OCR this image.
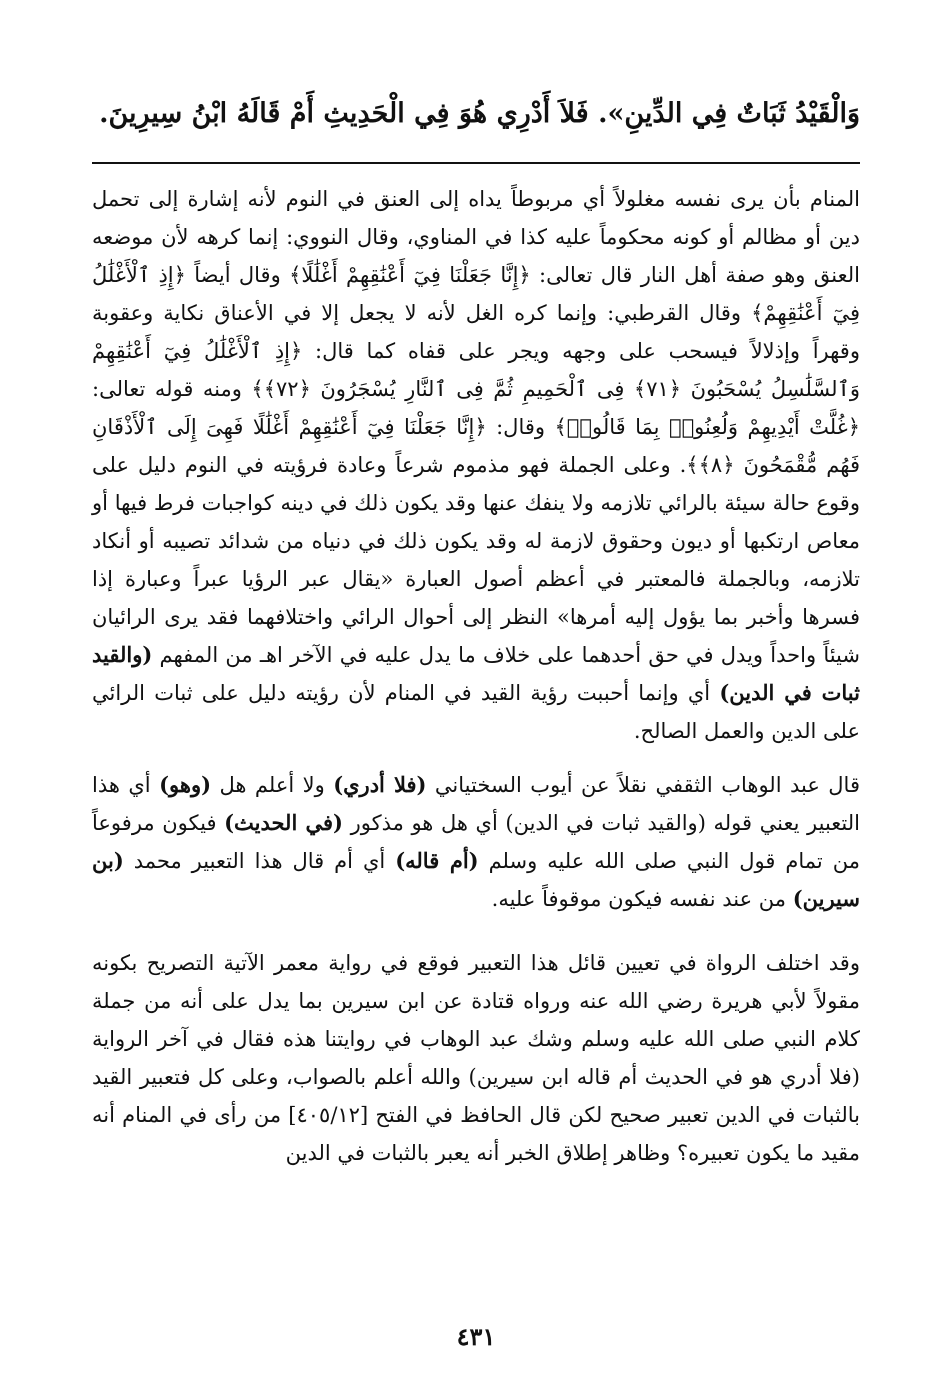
وَالْقَيْدُ ثَبَاتٌ فِي الدِّينِ». فَلاَ أَدْرِي هُوَ فِي الْحَدِيثِ أَمْ قَالَهُ ابْنُ سِيرِينَ.

المنام بأن يرى نفسه مغلولاً أي مربوطاً يداه إلى العنق في النوم لأنه إشارة إلى تحمل دين أو مظالم أو كونه محكوماً عليه كذا في المناوي، وقال النووي: إنما كرهه لأن موضعه العنق وهو صفة أهل النار قال تعالى: ﴿إِنَّا جَعَلْنَا فِيٓ أَعْنَٰقِهِمْ أَغْلَٰلًا﴾ وقال أيضاً ﴿إِذِ ٱلْأَغْلَٰلُ فِيٓ أَعْنَٰقِهِمْ﴾ وقال القرطبي: وإنما كره الغل لأنه لا يجعل إلا في الأعناق نكاية وعقوبة وقهراً وإذلالاً فيسحب على وجهه ويجر على قفاه كما قال: ﴿إِذِ ٱلْأَغْلَٰلُ فِيٓ أَعْنَٰقِهِمْ وَٱلسَّلَٰسِلُ يُسْحَبُونَ ﴿٧١﴾ فِى ٱلْحَمِيمِ ثُمَّ فِى ٱلنَّارِ يُسْجَرُونَ ﴿٧٢﴾﴾ ومنه قوله تعالى: ﴿غُلَّتْ أَيْدِيهِمْ وَلُعِنُوا۟ بِمَا قَالُوا۟﴾ وقال: ﴿إِنَّا جَعَلْنَا فِيٓ أَعْنَٰقِهِمْ أَغْلَٰلًا فَهِىَ إِلَى ٱلْأَذْقَانِ فَهُم مُّقْمَحُونَ ﴿٨﴾﴾. وعلى الجملة فهو مذموم شرعاً وعادة فرؤيته في النوم دليل على وقوع حالة سيئة بالرائي تلازمه ولا ينفك عنها وقد يكون ذلك في دينه كواجبات فرط فيها أو معاص ارتكبها أو ديون وحقوق لازمة له وقد يكون ذلك في دنياه من شدائد تصيبه أو أنكاد تلازمه، وبالجملة فالمعتبر في أعظم أصول العبارة «يقال عبر الرؤيا عبراً وعبارة إذا فسرها وأخبر بما يؤول إليه أمرها» النظر إلى أحوال الرائي واختلافهما فقد يرى الرائيان شيئاً واحداً ويدل في حق أحدهما على خلاف ما يدل عليه في الآخر اهـ من المفهم (والقيد ثبات في الدين) أي وإنما أحببت رؤية القيد في المنام لأن رؤيته دليل على ثبات الرائي على الدين والعمل الصالح.

قال عبد الوهاب الثقفي نقلاً عن أيوب السختياني (فلا أدري) ولا أعلم هل (وهو) أي هذا التعبير يعني قوله (والقيد ثبات في الدين) أي هل هو مذكور (في الحديث) فيكون مرفوعاً من تمام قول النبي صلى الله عليه وسلم (أم قاله) أي أم قال هذا التعبير محمد (بن سيرين) من عند نفسه فيكون موقوفاً عليه.

وقد اختلف الرواة في تعيين قائل هذا التعبير فوقع في رواية معمر الآتية التصريح بكونه مقولاً لأبي هريرة رضي الله عنه ورواه قتادة عن ابن سيرين بما يدل على أنه من جملة كلام النبي صلى الله عليه وسلم وشك عبد الوهاب في روايتنا هذه فقال في آخر الرواية (فلا أدري هو في الحديث أم قاله ابن سيرين) والله أعلم بالصواب، وعلى كل فتعبير القيد بالثبات في الدين تعبير صحيح لكن قال الحافظ في الفتح [٤٠٥/١٢] من رأى في المنام أنه مقيد ما يكون تعبيره؟ وظاهر إطلاق الخبر أنه يعبر بالثبات في الدين

٤٣١
